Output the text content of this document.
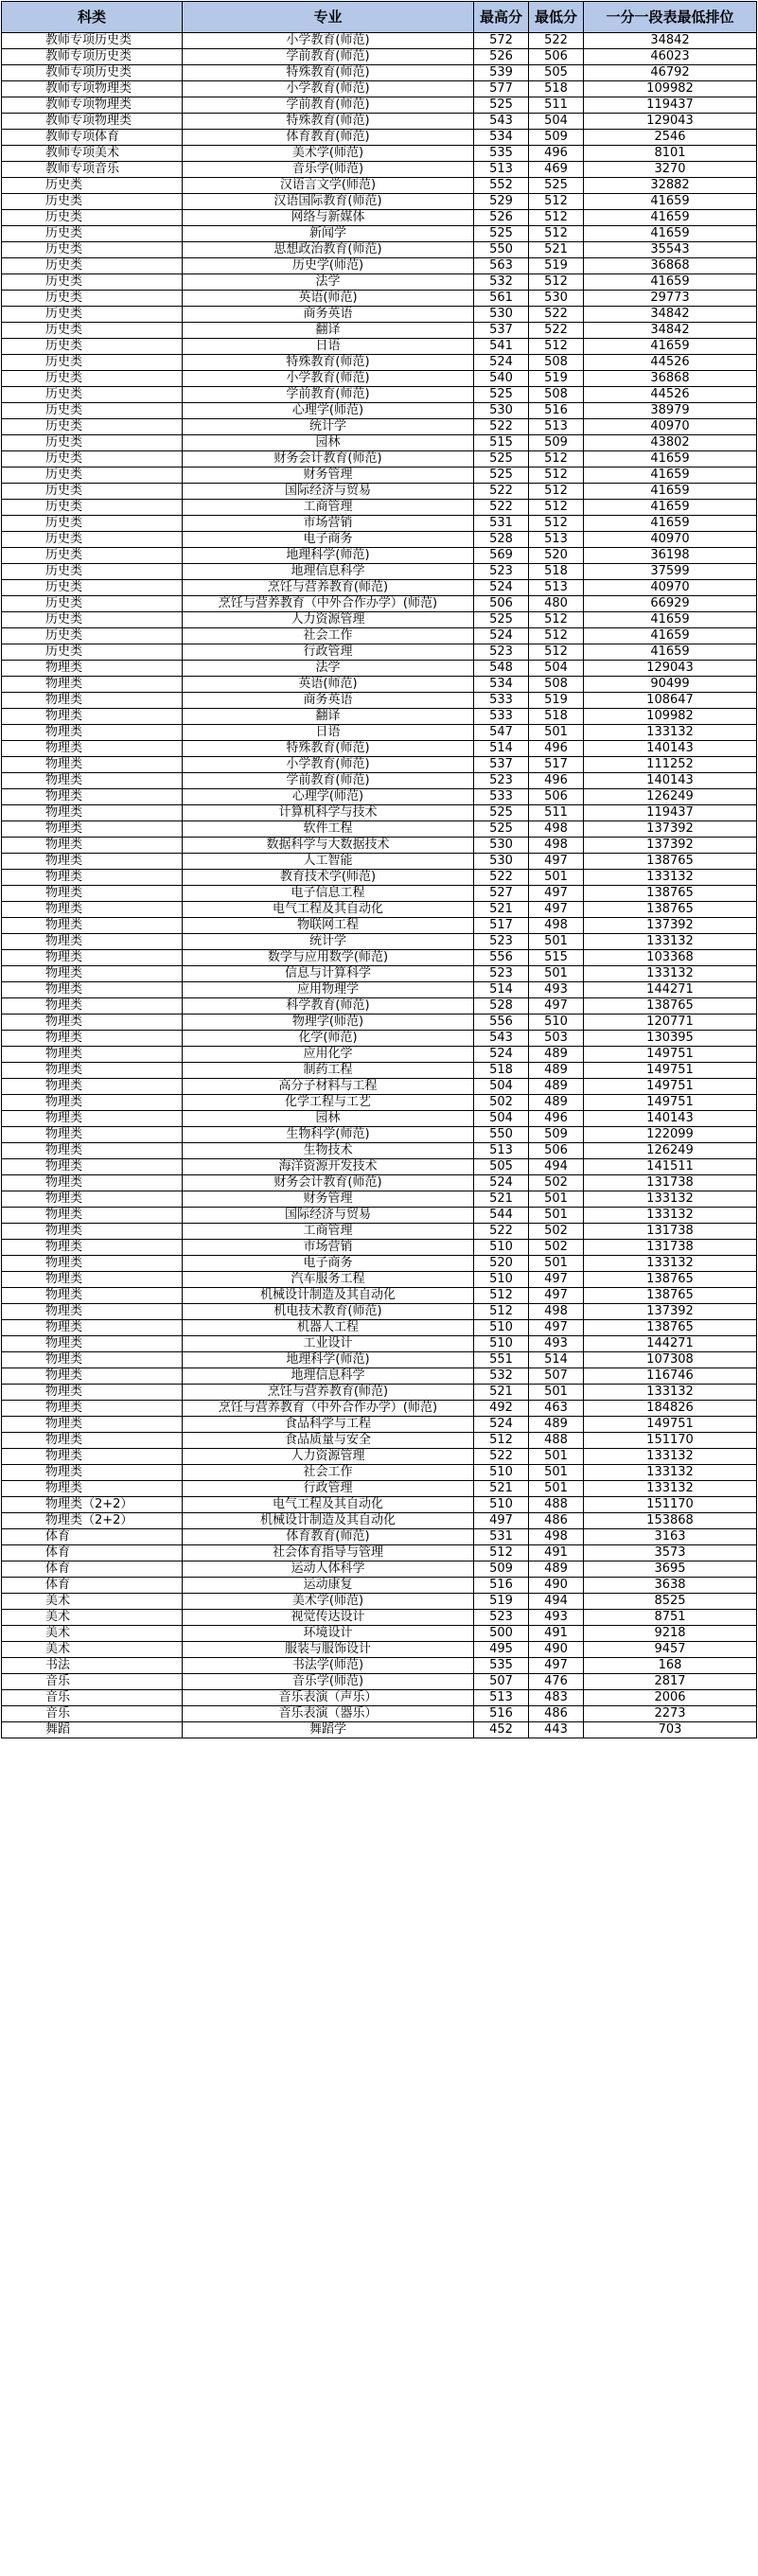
科类	专业	最高分	最低分	一分一段表最低排位
教师专项历史类	小学教育(师范)	572	522	34842
教师专项历史类	学前教育(师范)	526	506	46023
教师专项历史类	特殊教育(师范)	539	505	46792
教师专项物理类	小学教育(师范)	577	518	109982
教师专项物理类	学前教育(师范)	525	511	119437
教师专项物理类	特殊教育(师范)	543	504	129043
教师专项体育	体育教育(师范)	534	509	2546
教师专项美术	美术学(师范)	535	496	8101
教师专项音乐	音乐学(师范)	513	469	3270
历史类	汉语言文学(师范)	552	525	32882
历史类	汉语国际教育(师范)	529	512	41659
历史类	网络与新媒体	526	512	41659
历史类	新闻学	525	512	41659
历史类	思想政治教育(师范)	550	521	35543
历史类	历史学(师范)	563	519	36868
历史类	法学	532	512	41659
历史类	英语(师范)	561	530	29773
历史类	商务英语	530	522	34842
历史类	翻译	537	522	34842
历史类	日语	541	512	41659
历史类	特殊教育(师范)	524	508	44526
历史类	小学教育(师范)	540	519	36868
历史类	学前教育(师范)	525	508	44526
历史类	心理学(师范)	530	516	38979
历史类	统计学	522	513	40970
历史类	园林	515	509	43802
历史类	财务会计教育(师范)	525	512	41659
历史类	财务管理	525	512	41659
历史类	国际经济与贸易	522	512	41659
历史类	工商管理	522	512	41659
历史类	市场营销	531	512	41659
历史类	电子商务	528	513	40970
历史类	地理科学(师范)	569	520	36198
历史类	地理信息科学	523	518	37599
历史类	烹饪与营养教育(师范)	524	513	40970
历史类	烹饪与营养教育（中外合作办学）(师范)	506	480	66929
历史类	人力资源管理	525	512	41659
历史类	社会工作	524	512	41659
历史类	行政管理	523	512	41659
物理类	法学	548	504	129043
物理类	英语(师范)	534	508	90499
物理类	商务英语	533	519	108647
物理类	翻译	533	518	109982
物理类	日语	547	501	133132
物理类	特殊教育(师范)	514	496	140143
物理类	小学教育(师范)	537	517	111252
物理类	学前教育(师范)	523	496	140143
物理类	心理学(师范)	533	506	126249
物理类	计算机科学与技术	525	511	119437
物理类	软件工程	525	498	137392
物理类	数据科学与大数据技术	530	498	137392
物理类	人工智能	530	497	138765
物理类	教育技术学(师范)	522	501	133132
物理类	电子信息工程	527	497	138765
物理类	电气工程及其自动化	521	497	138765
物理类	物联网工程	517	498	137392
物理类	统计学	523	501	133132
物理类	数学与应用数学(师范)	556	515	103368
物理类	信息与计算科学	523	501	133132
物理类	应用物理学	514	493	144271
物理类	科学教育(师范)	528	497	138765
物理类	物理学(师范)	556	510	120771
物理类	化学(师范)	543	503	130395
物理类	应用化学	524	489	149751
物理类	制药工程	518	489	149751
物理类	高分子材料与工程	504	489	149751
物理类	化学工程与工艺	502	489	149751
物理类	园林	504	496	140143
物理类	生物科学(师范)	550	509	122099
物理类	生物技术	513	506	126249
物理类	海洋资源开发技术	505	494	141511
物理类	财务会计教育(师范)	524	502	131738
物理类	财务管理	521	501	133132
物理类	国际经济与贸易	544	501	133132
物理类	工商管理	522	502	131738
物理类	市场营销	510	502	131738
物理类	电子商务	520	501	133132
物理类	汽车服务工程	510	497	138765
物理类	机械设计制造及其自动化	512	497	138765
物理类	机电技术教育(师范)	512	498	137392
物理类	机器人工程	510	497	138765
物理类	工业设计	510	493	144271
物理类	地理科学(师范)	551	514	107308
物理类	地理信息科学	532	507	116746
物理类	烹饪与营养教育(师范)	521	501	133132
物理类	烹饪与营养教育（中外合作办学）(师范)	492	463	184826
物理类	食品科学与工程	524	489	149751
物理类	食品质量与安全	512	488	151170
物理类	人力资源管理	522	501	133132
物理类	社会工作	510	501	133132
物理类	行政管理	521	501	133132
物理类（2+2）	电气工程及其自动化	510	488	151170
物理类（2+2）	机械设计制造及其自动化	497	486	153868
体育	体育教育(师范)	531	498	3163
体育	社会体育指导与管理	512	491	3573
体育	运动人体科学	509	489	3695
体育	运动康复	516	490	3638
美术	美术学(师范)	519	494	8525
美术	视觉传达设计	523	493	8751
美术	环境设计	500	491	9218
美术	服装与服饰设计	495	490	9457
书法	书法学(师范)	535	497	168
音乐	音乐学(师范)	507	476	2817
音乐	音乐表演（声乐）	513	483	2006
音乐	音乐表演（器乐）	516	486	2273
舞蹈	舞蹈学	452	443	703
